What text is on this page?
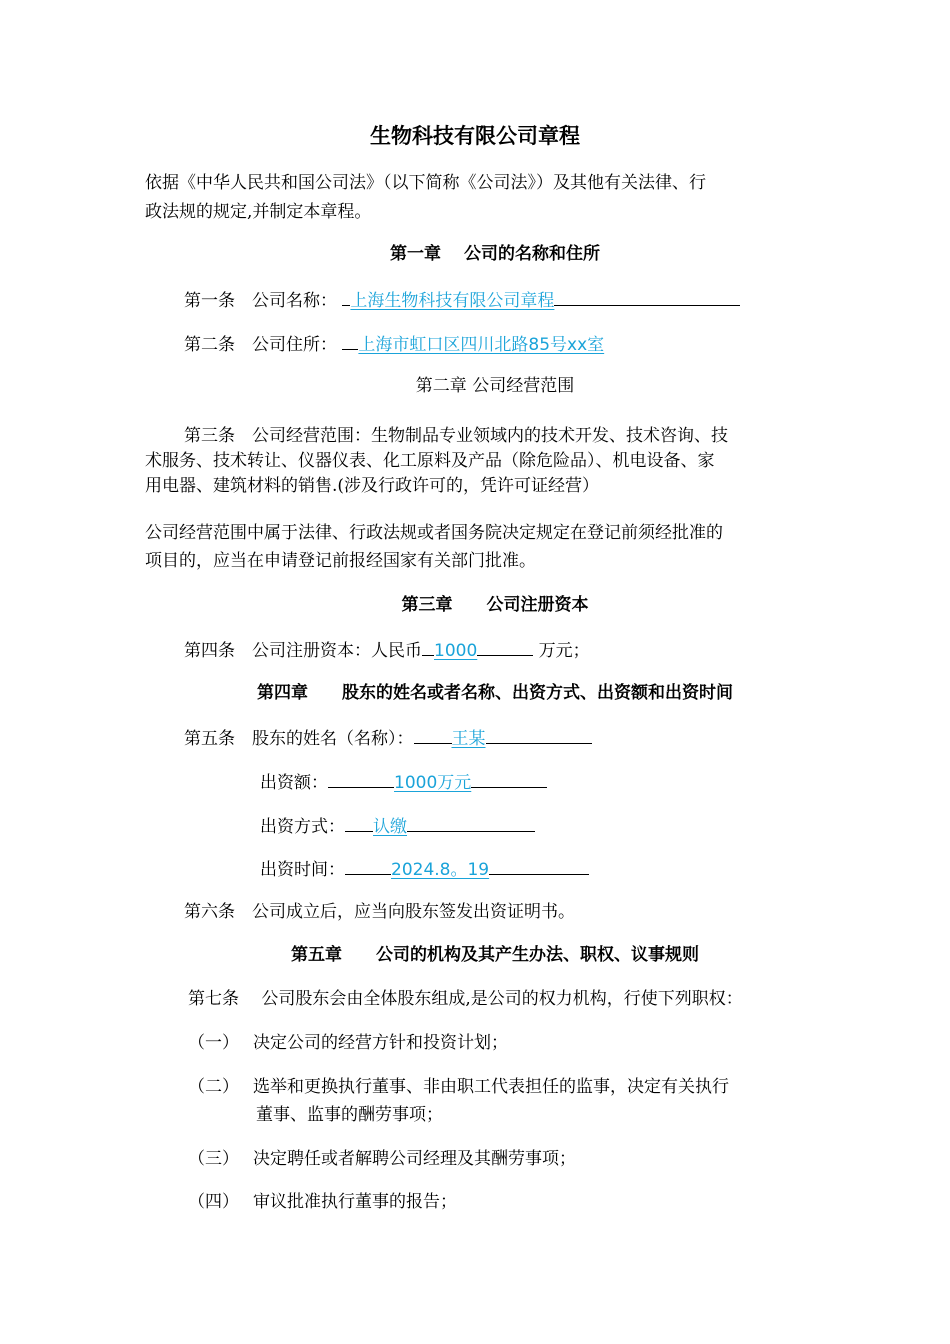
生物科技有限公司章程
依据《中华人民共和国公司法》（以下简称《公司法》）及其他有关法律、行
政法规的规定,并制定本章程。
第一章　 公司的名称和住所
第一条　公司名称： 上海生物科技有限公司章程
第二条　公司住所： 上海市虹口区四川北路85号xx室
第二章 公司经营范围
第三条　公司经营范围：生物制品专业领域内的技术开发、技术咨询、技
术服务、技术转让、仪器仪表、化工原料及产品（除危险品）、机电设备、家
用电器、建筑材料的销售.(涉及行政许可的，凭许可证经营）
公司经营范围中属于法律、行政法规或者国务院决定规定在登记前须经批准的
项目的，应当在申请登记前报经国家有关部门批准。
第三章　　公司注册资本
第四条　公司注册资本：人民币 1000	万元；
第四章　　股东的姓名或者名称、出资方式、出资额和出资时间
第五条　股东的姓名（名称）： 王某
出资额：	1000万元
出资方式： 认缴
出资时间：	2024.8。19
第六条　公司成立后，应当向股东签发出资证明书。
第五章　　公司的机构及其产生办法、职权、议事规则
第七条　 公司股东会由全体股东组成,是公司的权力机构，行使下列职权：
（一） 决定公司的经营方针和投资计划；
（二） 选举和更换执行董事、非由职工代表担任的监事，决定有关执行
董事、监事的酬劳事项；
（三） 决定聘任或者解聘公司经理及其酬劳事项；
（四） 审议批准执行董事的报告；
